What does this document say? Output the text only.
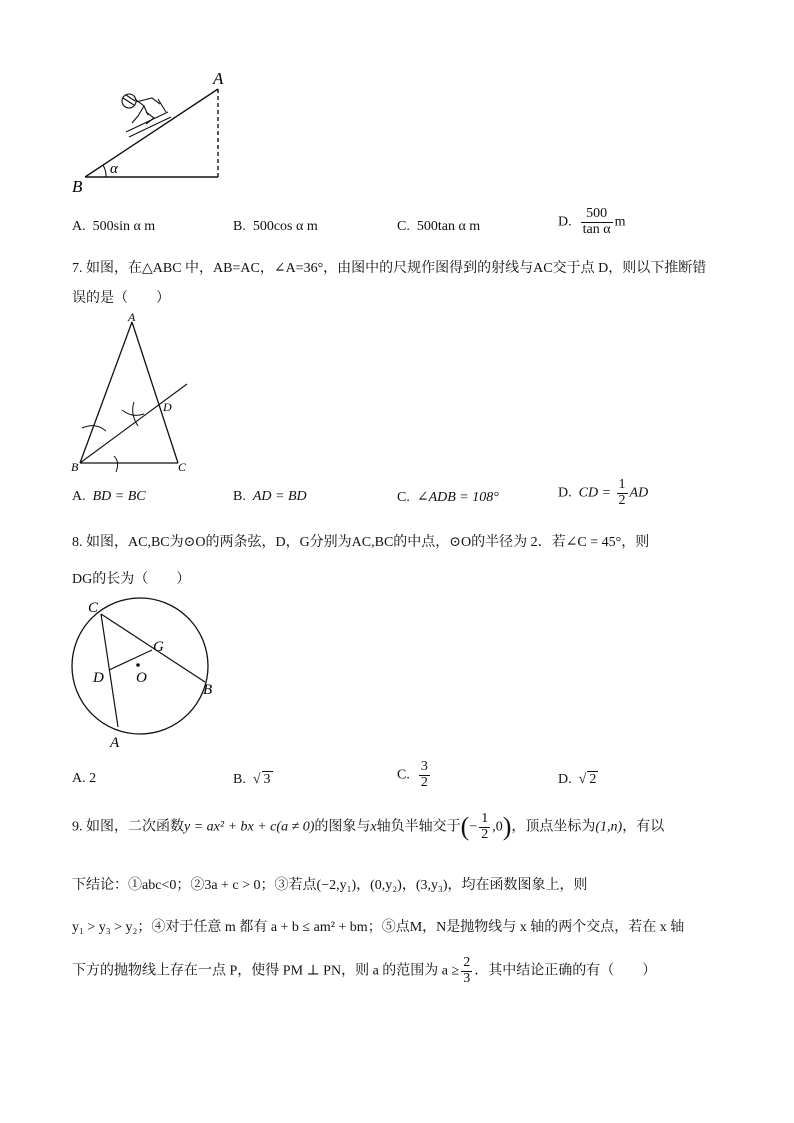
A
B
α
A. 500sin α m	B. 500cos α m	C. 500tan α m	D. $\frac{500}{\text{tan α}}$ m
7. 如图，在△ABC 中，AB=AC，∠A=36°，由图中的尺规作图得到的射线与AC交于点 D，则以下推断错
误的是（　　）
A
B	C
D
A. BD = BC	B. AD = BD	C. ∠ADB = 108°	D. CD = $\frac{1}{2}$ AD
8. 如图，AC,BC为⊙O的两条弦，D，G分别为AC,BC的中点，⊙O的半径为 2．若∠C = 45°，则
DG的长为（　　）
C
G
D O
B
A
A. 2	B. √ 3	C. $\frac{3}{2}$	D. √ 2
9. 如图，二次函数y = ax² + bx + c(a ≠ 0)的图象与x轴负半轴交于(− $\frac{1}{2} ,0$)，顶点坐标为(1,n)，有以
下结论：①abc<0；②3a + c > 0；③若点(−2,y₁)，(0,y₂)，(3,y₃)，均在函数图象上，则
y₁ > y₃ > y₂；④对于任意 m 都有 a + b ≤ am² + bm；⑤点M，N是抛物线与 x 轴的两个交点，若在 x 轴
下方的抛物线上存在一点 P，使得 PM ⊥ PN，则 a 的范围为 $a \ge \frac{2}{3}$ ．其中结论正确的有（　　）
